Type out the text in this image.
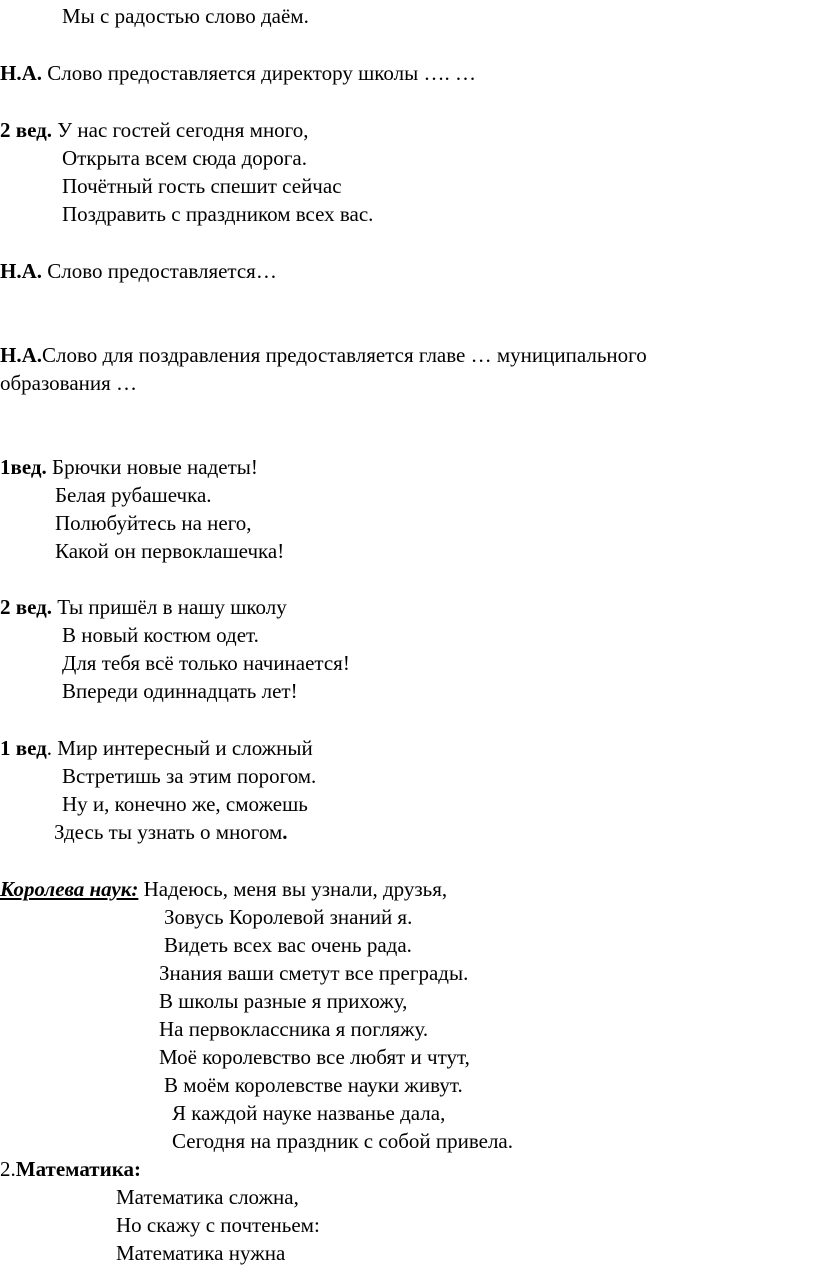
Мы с радостью слово даём.
Н.А. Слово предоставляется директору школы …. …
2 вед. У нас гостей сегодня много,
Открыта всем сюда дорога.
Почётный гость спешит сейчас
Поздравить с праздником всех вас.
Н.А. Слово предоставляется…
Н.А.Слово для поздравления предоставляется главе … муниципального
образования …
1вед. Брючки новые надеты!
Белая рубашечка.
Полюбуйтесь на него,
Какой он первоклашечка!
2 вед. Ты пришёл в нашу школу
В новый костюм одет.
Для тебя всё только начинается!
Впереди одиннадцать лет!
1 вед. Мир интересный и сложный
Встретишь за этим порогом.
Ну и, конечно же, сможешь
Здесь ты узнать о многом.
Королева наук: Надеюсь, меня вы узнали, друзья,
Зовусь Королевой знаний я.
Видеть всех вас очень рада.
Знания ваши сметут все преграды.
В школы разные я прихожу,
На первоклассника я погляжу.
Моё королевство все любят и чтут,
В моём королевстве науки живут.
Я каждой науке названье дала,
Сегодня на праздник с собой привела.
2.Математика:
Математика сложна,
Но скажу с почтеньем:
Математика нужна
